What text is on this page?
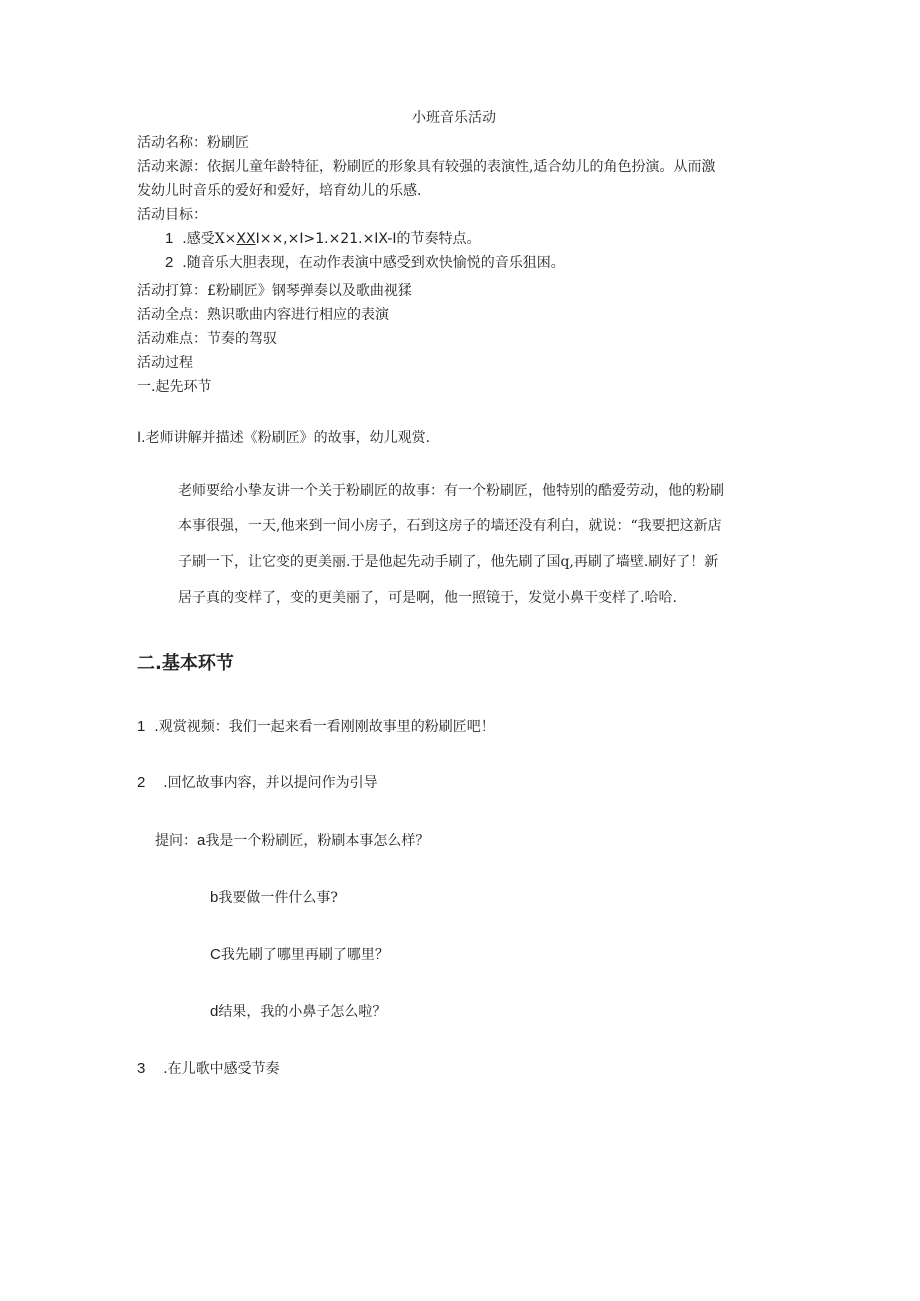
小班音乐活动
活动名称：粉刷匠
活动来源：依据儿童年龄特征，粉刷匠的形象具有较强的表演性,适合幼儿的角色扮演。从而激
发幼儿时音乐的爱好和爱好，培育幼儿的乐感.
活动目标：
1 .感受X×XXI××,×I>1.×21.×IX-I的节奏特点。
2 .随音乐大胆表现，在动作表演中感受到欢快愉悦的音乐狙困。
活动打算：£粉刷匠》钢琴弹奏以及歌曲视猱
活动全点：熟识歌曲内容进行相应的表演
活动难点：节奏的驾驭
活动过程
一.起先环节
I.老师讲解并描述《粉刷匠》的故事，幼儿观赏.
老师要给小挚友讲一个关于粉刷匠的故事：有一个粉刷匠，他特别的酷爱劳动，他的粉刷
本事很强，一天,他来到一间小房子，石到这房子的墙还没有利白，就说：“我要把这新店
子刷一下，让它变的更美丽.于是他起先动手刷了，他先刷了国q,再刷了墙壁.刷好了！新
居子真的变样了，变的更美丽了，可是啊，他一照镜于，发觉小鼻干变样了.哈哈.
二.基本环节
1 .观赏视频：我们一起来看一看刚刚故事里的粉刷匠吧！
2 .回忆故事内容，并以提问作为引导
提问：a我是一个粉刷匠，粉刷本事怎么样？
b我要做一件什么事?
C我先刷了哪里再刷了哪里？
d结果，我的小鼻子怎么啦？
3 .在儿歌中感受节奏
